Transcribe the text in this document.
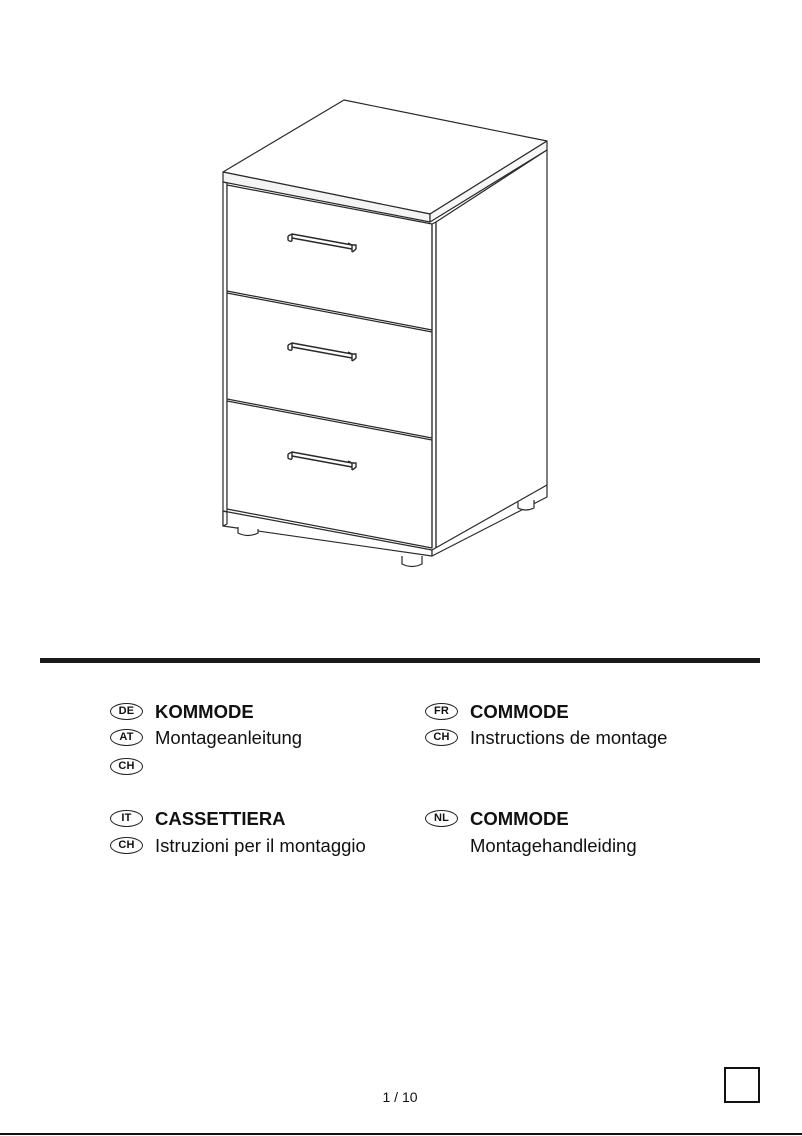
DE	KOMMODE
AT	Montageanleitung
CH
FR	COMMODE
CH	Instructions de montage
IT	CASSETTIERA
CH	Istruzioni per il montaggio
NL	COMMODE
Montagehandleiding
1 / 10
